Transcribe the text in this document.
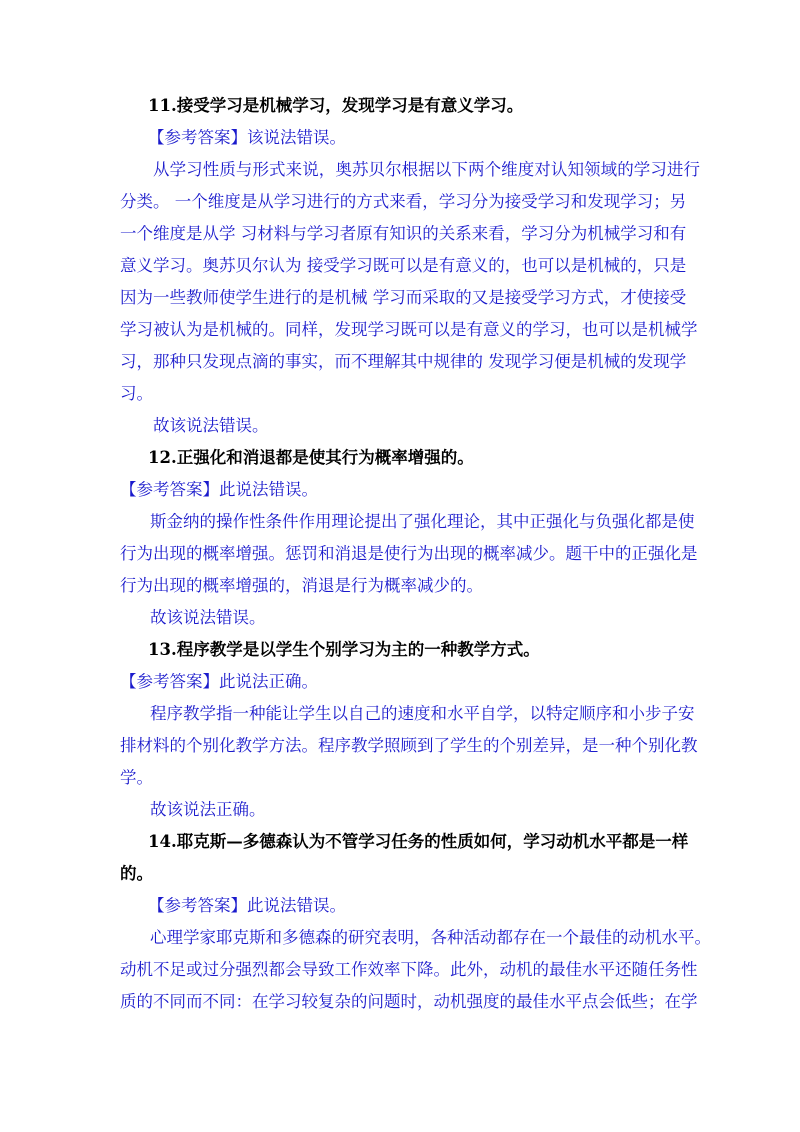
11.接受学习是机械学习，发现学习是有意义学习。
【参考答案】该说法错误。
从学习性质与形式来说，奥苏贝尔根据以下两个维度对认知领域的学习进行
分类。 一个维度是从学习进行的方式来看，学习分为接受学习和发现学习；另
一个维度是从学 习材料与学习者原有知识的关系来看，学习分为机械学习和有
意义学习。奥苏贝尔认为 接受学习既可以是有意义的，也可以是机械的，只是
因为一些教师使学生进行的是机械 学习而采取的又是接受学习方式，才使接受
学习被认为是机械的。同样，发现学习既可以是有意义的学习，也可以是机械学
习，那种只发现点滴的事实，而不理解其中规律的 发现学习便是机械的发现学
习。
故该说法错误。
12.正强化和消退都是使其行为概率增强的。
【参考答案】此说法错误。
斯金纳的操作性条件作用理论提出了强化理论，其中正强化与负强化都是使
行为出现的概率增强。惩罚和消退是使行为出现的概率减少。题干中的正强化是
行为出现的概率增强的，消退是行为概率减少的。
故该说法错误。
13.程序教学是以学生个别学习为主的一种教学方式。
【参考答案】此说法正确。
程序教学指一种能让学生以自己的速度和水平自学，以特定顺序和小步子安
排材料的个别化教学方法。程序教学照顾到了学生的个别差异，是一种个别化教
学。
故该说法正确。
14.耶克斯—多德森认为不管学习任务的性质如何，学习动机水平都是一样
的。
【参考答案】此说法错误。
心理学家耶克斯和多德森的研究表明，各种活动都存在一个最佳的动机水平。
动机不足或过分强烈都会导致工作效率下降。此外，动机的最佳水平还随任务性
质的不同而不同：在学习较复杂的问题时，动机强度的最佳水平点会低些；在学
